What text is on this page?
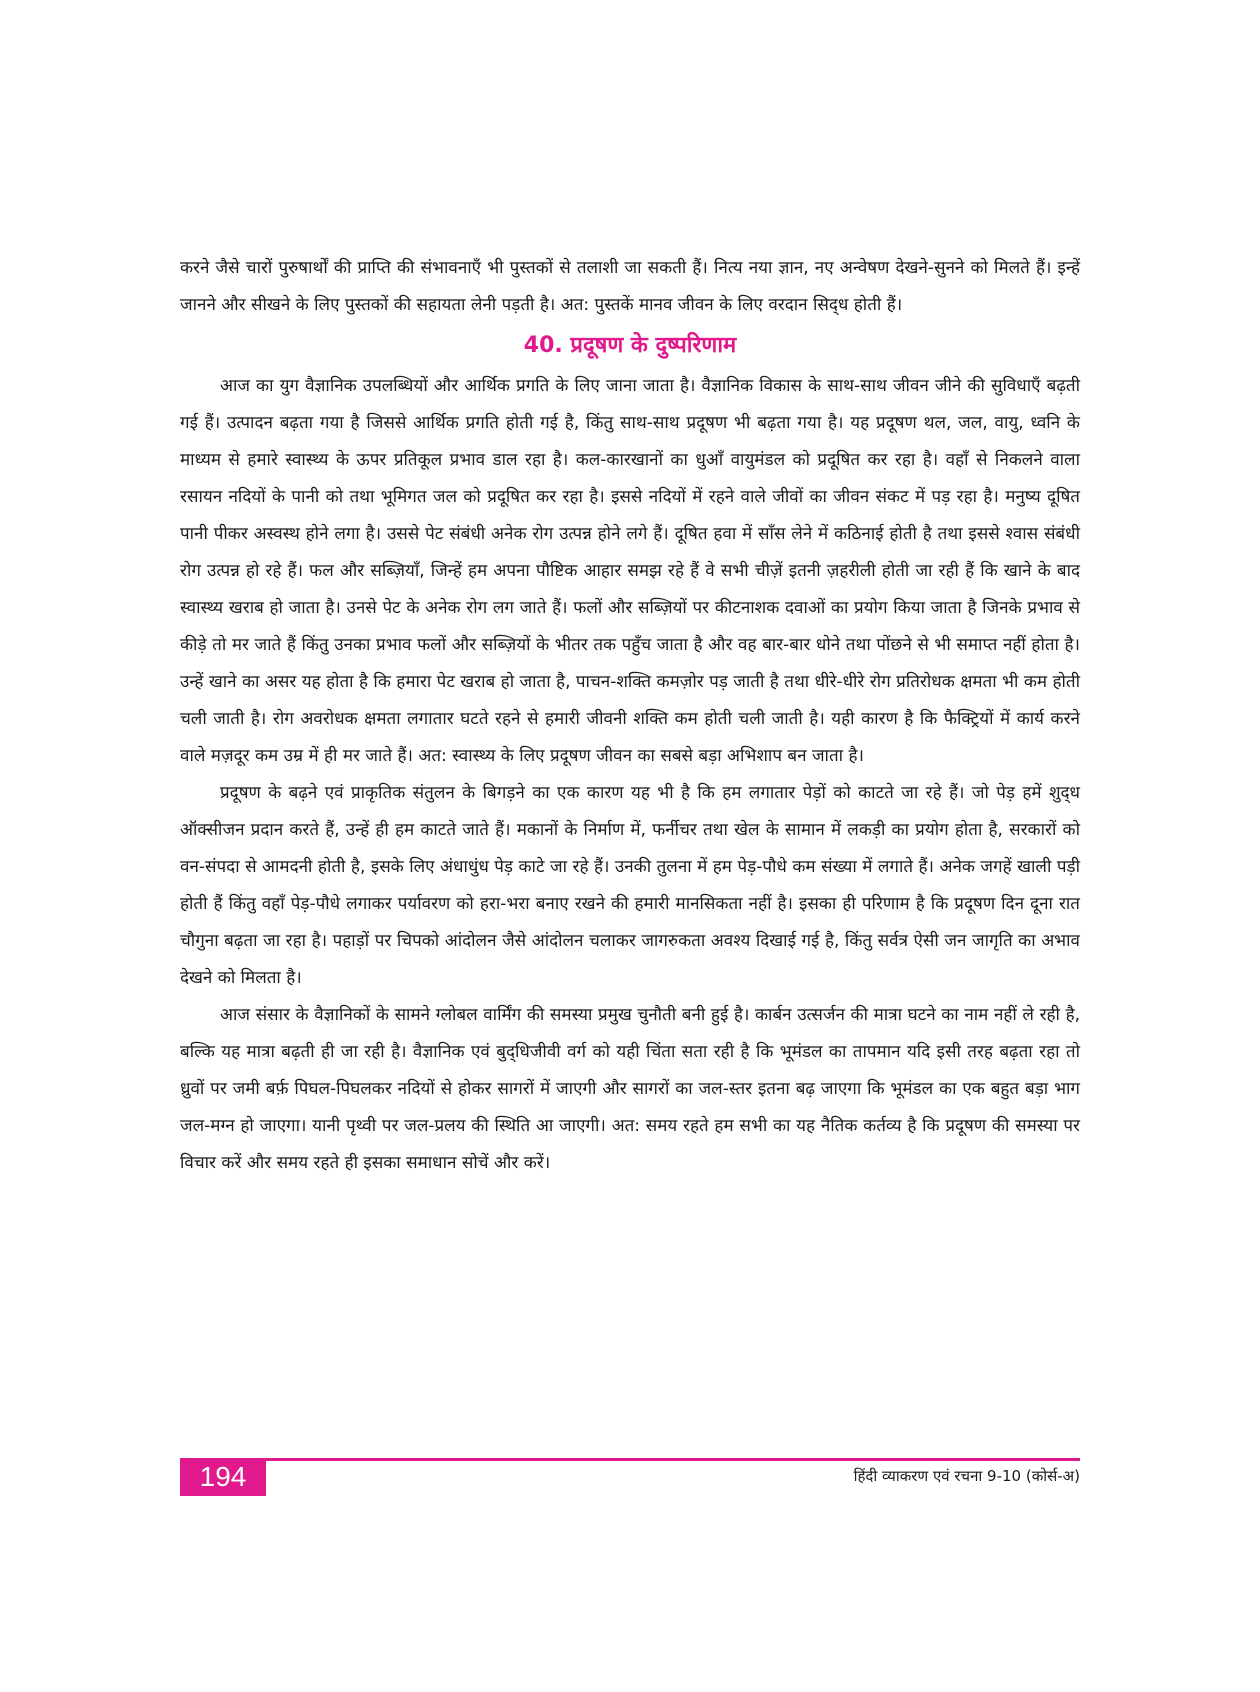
करने जैसे चारों पुरुषार्थों की प्राप्ति की संभावनाएँ भी पुस्तकों से तलाशी जा सकती हैं। नित्य नया ज्ञान, नए अन्वेषण देखने-सुनने को मिलते हैं। इन्हें जानने और सीखने के लिए पुस्तकों की सहायता लेनी पड़ती है। अत: पुस्तकें मानव जीवन के लिए वरदान सिद्‌ध होती हैं।

40. प्रदूषण के दुष्परिणाम

आज का युग वैज्ञानिक उपलब्धियों और आर्थिक प्रगति के लिए जाना जाता है। वैज्ञानिक विकास के साथ-साथ जीवन जीने की सुविधाएँ बढ़ती गई हैं। उत्पादन बढ़ता गया है जिससे आर्थिक प्रगति होती गई है, किंतु साथ-साथ प्रदूषण भी बढ़ता गया है। यह प्रदूषण थल, जल, वायु, ध्वनि के माध्यम से हमारे स्वास्थ्य के ऊपर प्रतिकूल प्रभाव डाल रहा है। कल-कारखानों का धुआँ वायुमंडल को प्रदूषित कर रहा है। वहाँ से निकलने वाला रसायन नदियों के पानी को तथा भूमिगत जल को प्रदूषित कर रहा है। इससे नदियों में रहने वाले जीवों का जीवन संकट में पड़ रहा है। मनुष्य दूषित पानी पीकर अस्वस्थ होने लगा है। उससे पेट संबंधी अनेक रोग उत्पन्न होने लगे हैं। दूषित हवा में साँस लेने में कठिनाई होती है तथा इससे श्वास संबंधी रोग उत्पन्न हो रहे हैं। फल और सब्ज़ियाँ, जिन्हें हम अपना पौष्टिक आहार समझ रहे हैं वे सभी चीज़ें इतनी ज़हरीली होती जा रही हैं कि खाने के बाद स्वास्थ्य खराब हो जाता है। उनसे पेट के अनेक रोग लग जाते हैं। फलों और सब्ज़ियों पर कीटनाशक दवाओं का प्रयोग किया जाता है जिनके प्रभाव से कीड़े तो मर जाते हैं किंतु उनका प्रभाव फलों और सब्ज़ियों के भीतर तक पहुँच जाता है और वह बार-बार धोने तथा पोंछने से भी समाप्त नहीं होता है। उन्हें खाने का असर यह होता है कि हमारा पेट खराब हो जाता है, पाचन-शक्ति कमज़ोर पड़ जाती है तथा धीरे-धीरे रोग प्रतिरोधक क्षमता भी कम होती चली जाती है। रोग अवरोधक क्षमता लगातार घटते रहने से हमारी जीवनी शक्ति कम होती चली जाती है। यही कारण है कि फैक्ट्रियों में कार्य करने वाले मज़दूर कम उम्र में ही मर जाते हैं। अत: स्वास्थ्य के लिए प्रदूषण जीवन का सबसे बड़ा अभिशाप बन जाता है।

प्रदूषण के बढ़ने एवं प्राकृतिक संतुलन के बिगड़ने का एक कारण यह भी है कि हम लगातार पेड़ों को काटते जा रहे हैं। जो पेड़ हमें शुद्‌ध ऑक्सीजन प्रदान करते हैं, उन्हें ही हम काटते जाते हैं। मकानों के निर्माण में, फर्नीचर तथा खेल के सामान में लकड़ी का प्रयोग होता है, सरकारों को वन-संपदा से आमदनी होती है, इसके लिए अंधाधुंध पेड़ काटे जा रहे हैं। उनकी तुलना में हम पेड़-पौधे कम संख्या में लगाते हैं। अनेक जगहें खाली पड़ी होती हैं किंतु वहाँ पेड़-पौधे लगाकर पर्यावरण को हरा-भरा बनाए रखने की हमारी मानसिकता नहीं है। इसका ही परिणाम है कि प्रदूषण दिन दूना रात चौगुना बढ़ता जा रहा है। पहाड़ों पर चिपको आंदोलन जैसे आंदोलन चलाकर जागरुकता अवश्य दिखाई गई है, किंतु सर्वत्र ऐसी जन जागृति का अभाव देखने को मिलता है।

आज संसार के वैज्ञानिकों के सामने ग्लोबल वार्मिंग की समस्या प्रमुख चुनौती बनी हुई है। कार्बन उत्सर्जन की मात्रा घटने का नाम नहीं ले रही है, बल्कि यह मात्रा बढ़ती ही जा रही है। वैज्ञानिक एवं बुद्‌धिजीवी वर्ग को यही चिंता सता रही है कि भूमंडल का तापमान यदि इसी तरह बढ़ता रहा तो ध्रुवों पर जमी बर्फ़ पिघल-पिघलकर नदियों से होकर सागरों में जाएगी और सागरों का जल-स्तर इतना बढ़ जाएगा कि भूमंडल का एक बहुत बड़ा भाग जल-मग्न हो जाएगा। यानी पृथ्वी पर जल-प्रलय की स्थिति आ जाएगी। अत: समय रहते हम सभी का यह नैतिक कर्तव्य है कि प्रदूषण की समस्या पर विचार करें और समय रहते ही इसका समाधान सोचें और करें।

194	हिंदी व्याकरण एवं रचना 9-10 (कोर्स-अ)
